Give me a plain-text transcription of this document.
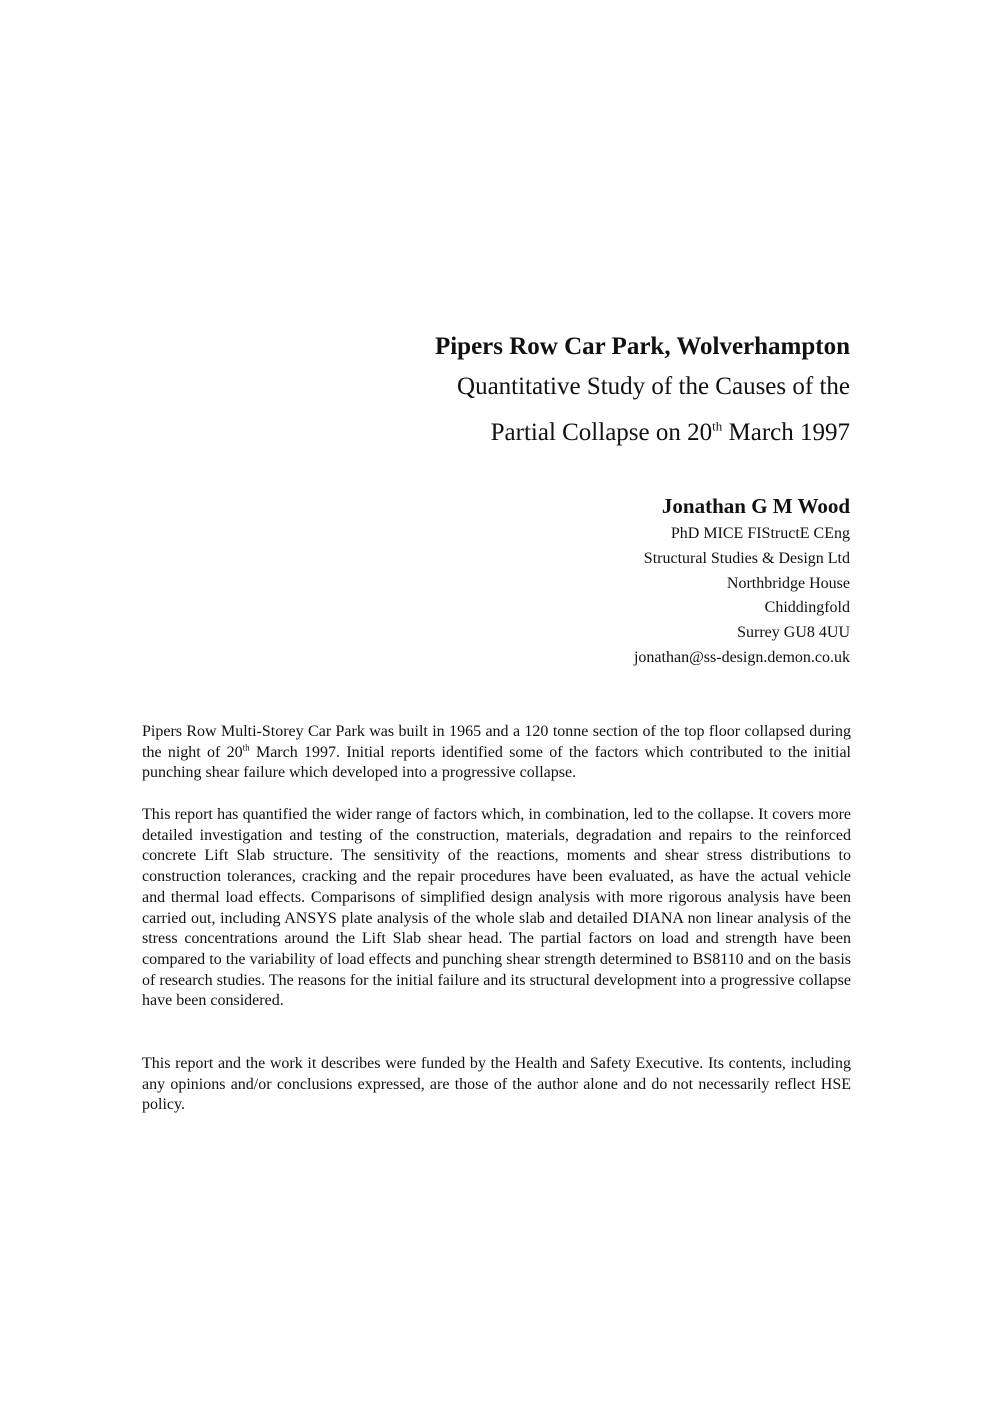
Pipers Row Car Park, Wolverhampton

Quantitative Study of the Causes of the

Partial Collapse on 20th March 1997

Jonathan G M Wood

PhD MICE FIStructE CEng

Structural Studies & Design Ltd

Northbridge House

Chiddingfold

Surrey GU8 4UU

jonathan@ss-design.demon.co.uk

Pipers Row Multi-Storey Car Park was built in 1965 and a 120 tonne section of the top floor collapsed during the night of 20th March 1997. Initial reports identified some of the factors which contributed to the initial punching shear failure which developed into a progressive collapse.

This report has quantified the wider range of factors which, in combination, led to the collapse. It covers more detailed investigation and testing of the construction, materials, degradation and repairs to the reinforced concrete Lift Slab structure. The sensitivity of the reactions, moments and shear stress distributions to construction tolerances, cracking and the repair procedures have been evaluated, as have the actual vehicle and thermal load effects. Comparisons of simplified design analysis with more rigorous analysis have been carried out, including ANSYS plate analysis of the whole slab and detailed DIANA non linear analysis of the stress concentrations around the Lift Slab shear head. The partial factors on load and strength have been compared to the variability of load effects and punching shear strength determined to BS8110 and on the basis of research studies. The reasons for the initial failure and its structural development into a progressive collapse have been considered.

This report and the work it describes were funded by the Health and Safety Executive. Its contents, including any opinions and/or conclusions expressed, are those of the author alone and do not necessarily reflect HSE policy.
